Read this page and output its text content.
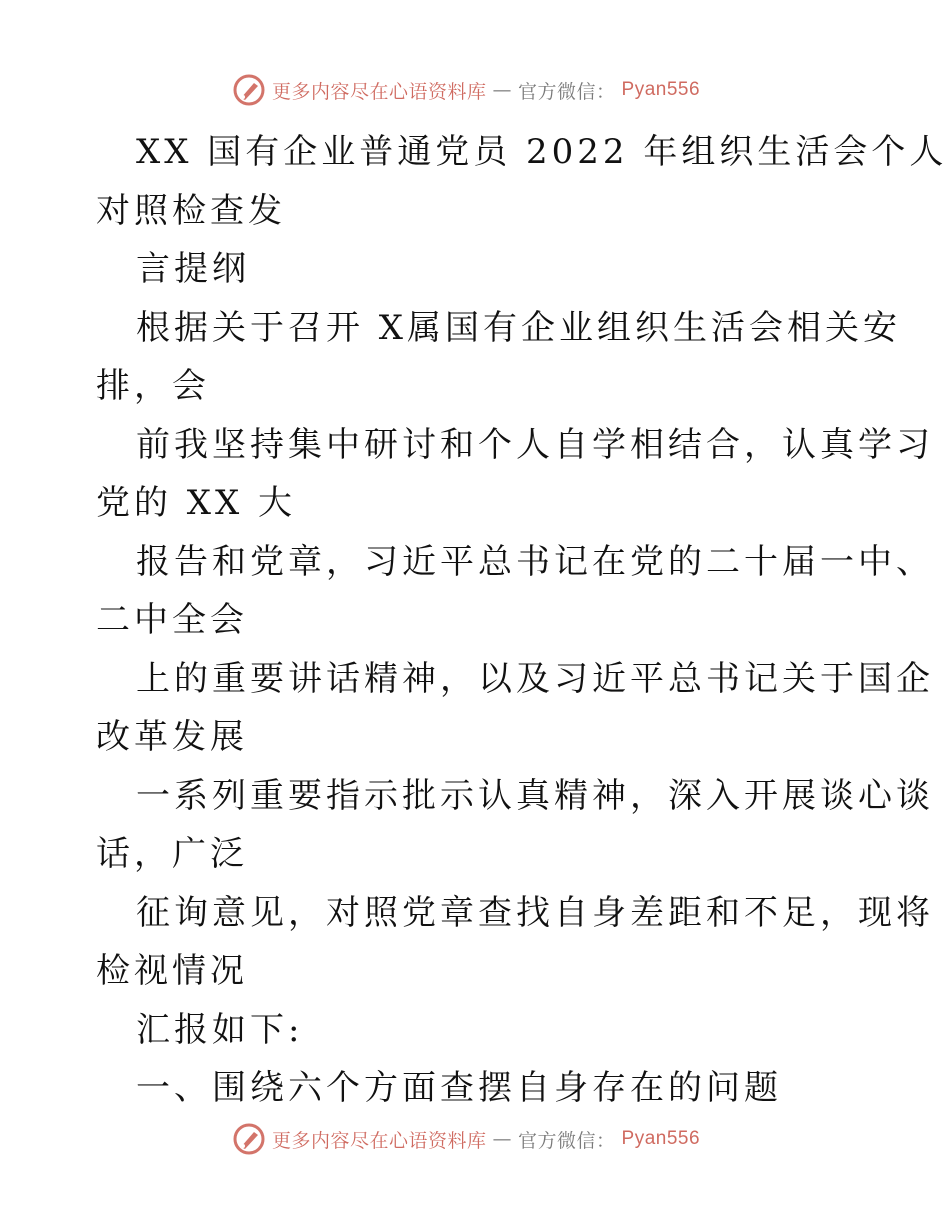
更多内容尽在心语资料库 — 官方微信： Pyan556
XX 国有企业普通党员 2022 年组织生活会个人
对照检查发
言提纲
根据关于召开 X属国有企业组织生活会相关安
排，会
前我坚持集中研讨和个人自学相结合，认真学习
党的 XX 大
报告和党章，习近平总书记在党的二十届一中、
二中全会
上的重要讲话精神，以及习近平总书记关于国企
改革发展
一系列重要指示批示认真精神，深入开展谈心谈
话，广泛
征询意见，对照党章查找自身差距和不足，现将
检视情况
汇报如下:
一、围绕六个方面查摆自身存在的问题
更多内容尽在心语资料库 — 官方微信： Pyan556
